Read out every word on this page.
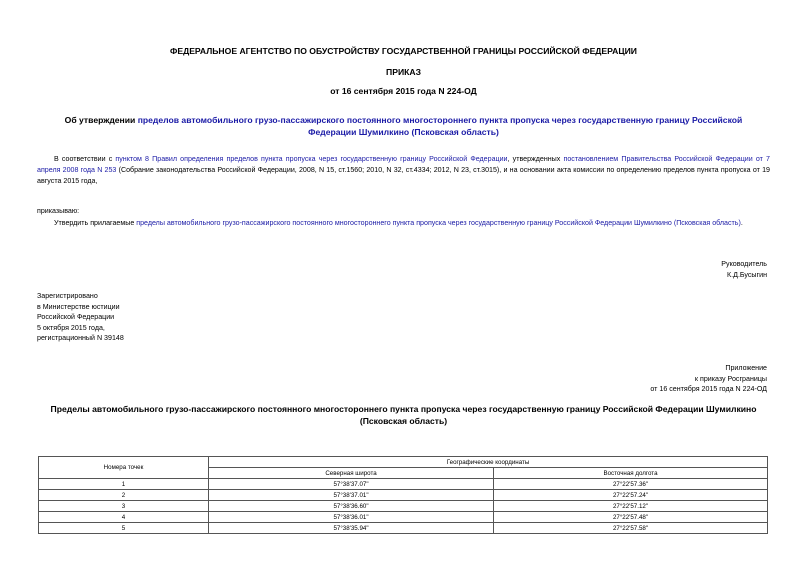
ФЕДЕРАЛЬНОЕ АГЕНТСТВО ПО ОБУСТРОЙСТВУ ГОСУДАРСТВЕННОЙ ГРАНИЦЫ РОССИЙСКОЙ ФЕДЕРАЦИИ
ПРИКАЗ
от 16 сентября 2015 года N 224-ОД
Об утверждении пределов автомобильного грузо-пассажирского постоянного многостороннего пункта пропуска через государственную границу Российской Федерации Шумилкино (Псковская область)
В соответствии с пунктом 8 Правил определения пределов пункта пропуска через государственную границу Российской Федерации, утвержденных постановлением Правительства Российской Федерации от 7 апреля 2008 года N 253 (Собрание законодательства Российской Федерации, 2008, N 15, ст.1560; 2010, N 32, ст.4334; 2012, N 23, ст.3015), и на основании акта комиссии по определению пределов пункта пропуска от 19 августа 2015 года,
приказываю:
Утвердить прилагаемые пределы автомобильного грузо-пассажирского постоянного многостороннего пункта пропуска через государственную границу Российской Федерации Шумилкино (Псковская область).
Руководитель
К.Д.Бусыгин
Зарегистрировано
в Министерстве юстиции
Российской Федерации
5 октября 2015 года,
регистрационный N 39148
Приложение
к приказу Росграницы
от 16 сентября 2015 года N 224-ОД
Пределы автомобильного грузо-пассажирского постоянного многостороннего пункта пропуска через государственную границу Российской Федерации Шумилкино (Псковская область)
Номера точек	Географические координаты	
	Северная широта	Восточная долгота
1	57°38'37.07"	27°22'57.36"
2	57°38'37.01"	27°22'57.24"
3	57°38'36.60"	27°22'57.12"
4	57°38'36.01"	27°22'57.48"
5	57°38'35.94"	27°22'57.58"
